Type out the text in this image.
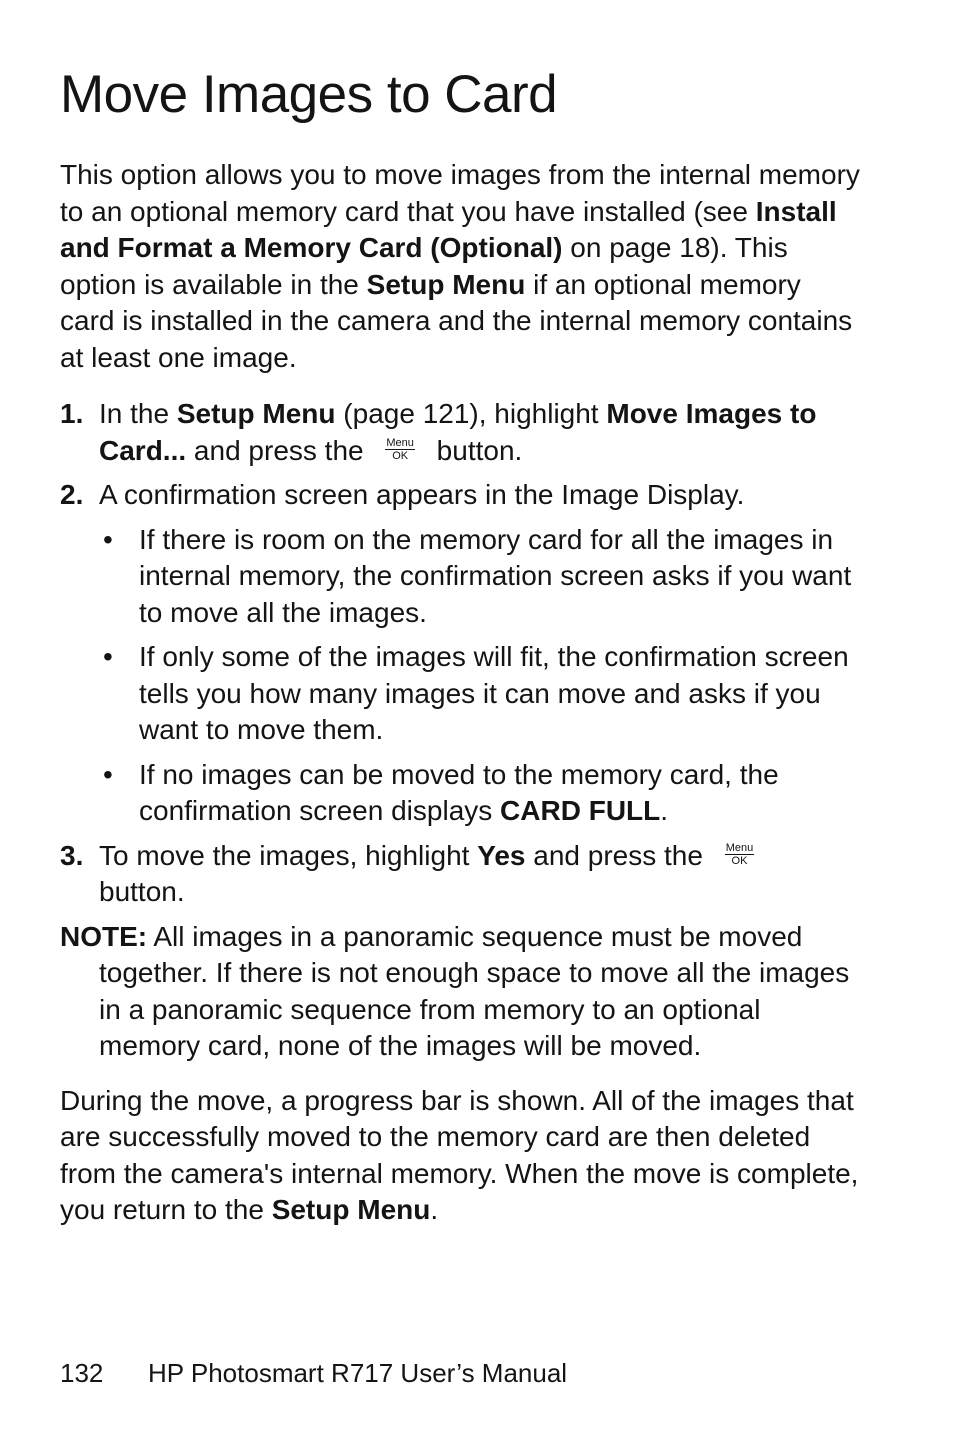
Move Images to Card

This option allows you to move images from the internal memory to an optional memory card that you have installed (see Install and Format a Memory Card (Optional) on page 18). This option is available in the Setup Menu if an optional memory card is installed in the camera and the internal memory contains at least one image.

1. In the Setup Menu (page 121), highlight Move Images to Card... and press the Menu
OK button.
2. A confirmation screen appears in the Image Display.
• If there is room on the memory card for all the images in internal memory, the confirmation screen asks if you want to move all the images.
• If only some of the images will fit, the confirmation screen tells you how many images it can move and asks if you want to move them.
• If no images can be moved to the memory card, the confirmation screen displays CARD FULL.
3. To move the images, highlight Yes and press the Menu
OK
button.

NOTE: All images in a panoramic sequence must be moved together. If there is not enough space to move all the images in a panoramic sequence from memory to an optional memory card, none of the images will be moved.

During the move, a progress bar is shown. All of the images that are successfully moved to the memory card are then deleted from the camera's internal memory. When the move is complete, you return to the Setup Menu.

132 HP Photosmart R717 User’s Manual
